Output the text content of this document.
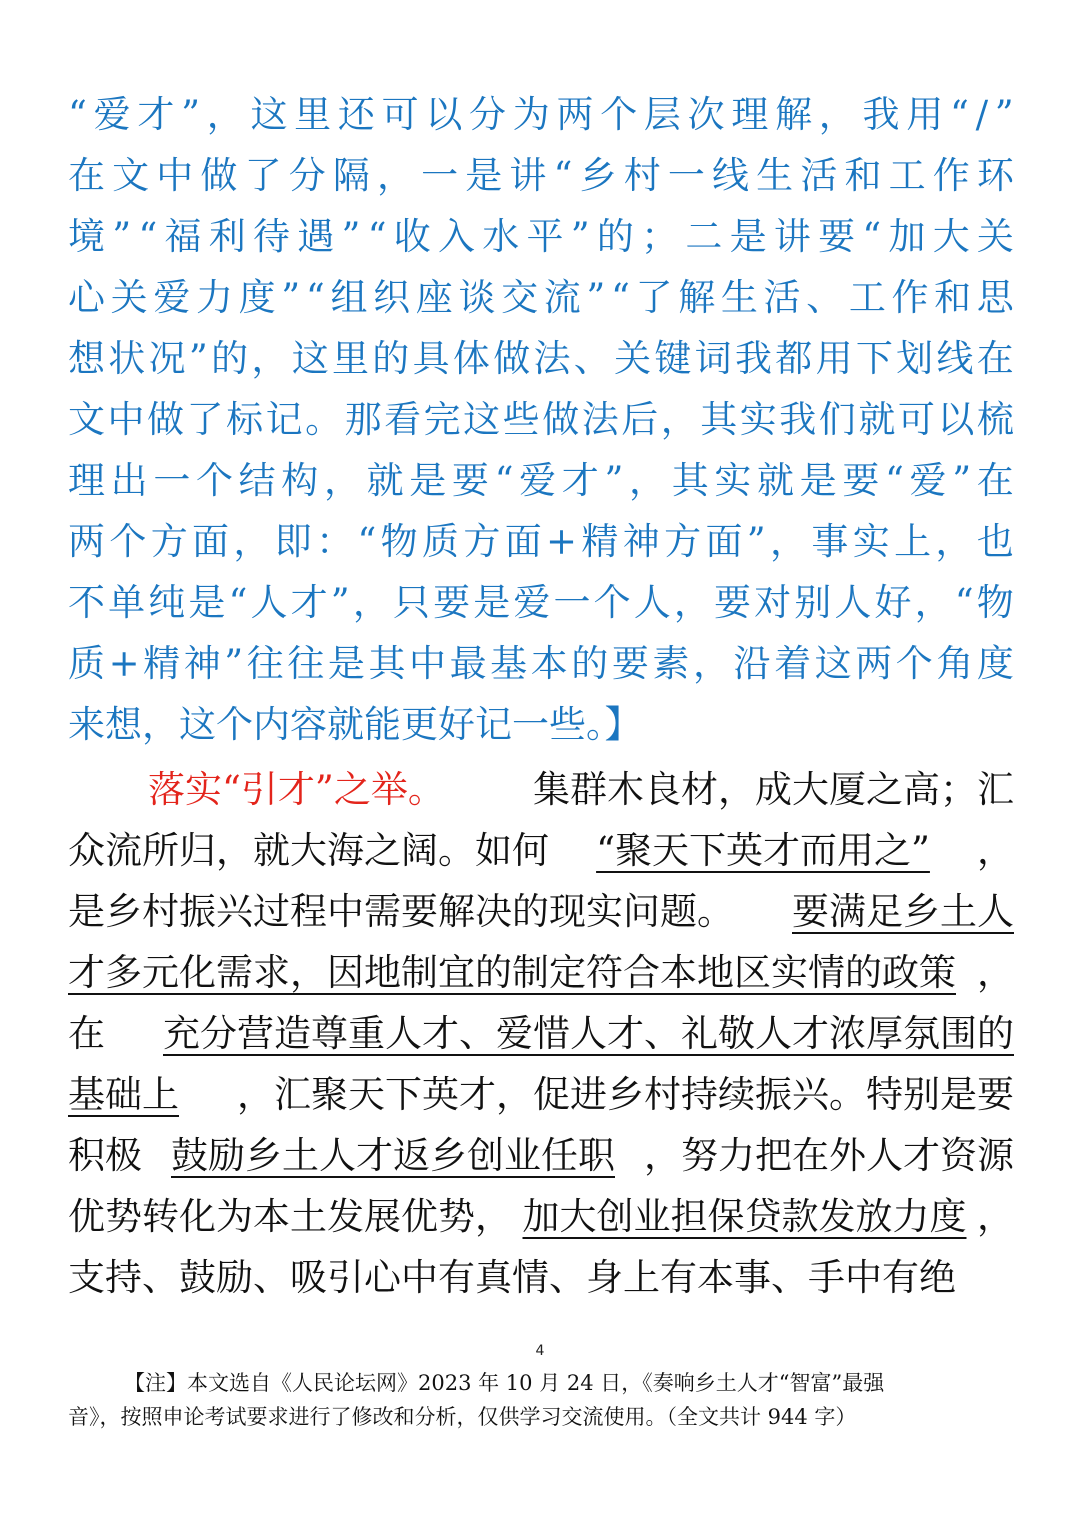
“ 爱 才 ” ， 这 里 还 可 以 分 为 两 个 层 次 理 解 ， 我 用 “ / ”
在 文 中 做 了 分 隔 ， 一 是 讲 “ 乡 村 一 线 生 活 和 工 作 环
境 ” “ 福 利 待 遇 ” “ 收 入 水 平 ” 的 ； 二 是 讲 要 “ 加 大 关
心 关 爱 力 度 ” “ 组 织 座 谈 交 流 ” “ 了 解 生 活 、 工 作 和 思
想 状 况 ” 的 ， 这 里 的 具 体 做 法 、 关 键 词 我 都 用 下 划 线 在
文 中 做 了 标 记 。 那 看 完 这 些 做 法 后 ， 其 实 我 们 就 可 以 梳
理 出 一 个 结 构 ， 就 是 要 “ 爱 才 ” ， 其 实 就 是 要 “ 爱 ” 在
两 个 方 面 ， 即 ： “ 物 质 方 面 + 精 神 方 面 ” ， 事 实 上 ， 也
不 单 纯 是 “ 人 才 ” ， 只 要 是 爱 一 个 人 ， 要 对 别 人 好 ， “ 物
质 + 精 神 ” 往 往 是 其 中 最 基 本 的 要 素 ， 沿 着 这 两 个 角 度
来想，这个内容就能更好记一些。】
落实“引才”之举。 集群木良材，成大厦之高；汇
众流所归，就大海之阔。如何 “聚天下英才而用之” ，
是乡村振兴过程中需要解决的现实问题。 要满足乡土人
才多元化需求，因地制宜的制定符合本地区实情的政策 ，
在 充分营造尊重人才、爱惜人才、礼敬人才浓厚氛围的
基础上 ，汇聚天下英才，促进乡村持续振兴。特别是要
积极 鼓励乡土人才返乡创业任职 ，努力把在外人才资源
优势转化为本土发展优势， 加大创业担保贷款发放力度 ，
支持、鼓励、吸引心中有真情、身上有本事、手中有绝
4
【注】本文选自《人民论坛网》2023 年 10 月 24 日，《奏响乡土人才“智富”最强
音》，按照申论考试要求进行了修改和分析，仅供学习交流使用。（全文共计 944 字）
